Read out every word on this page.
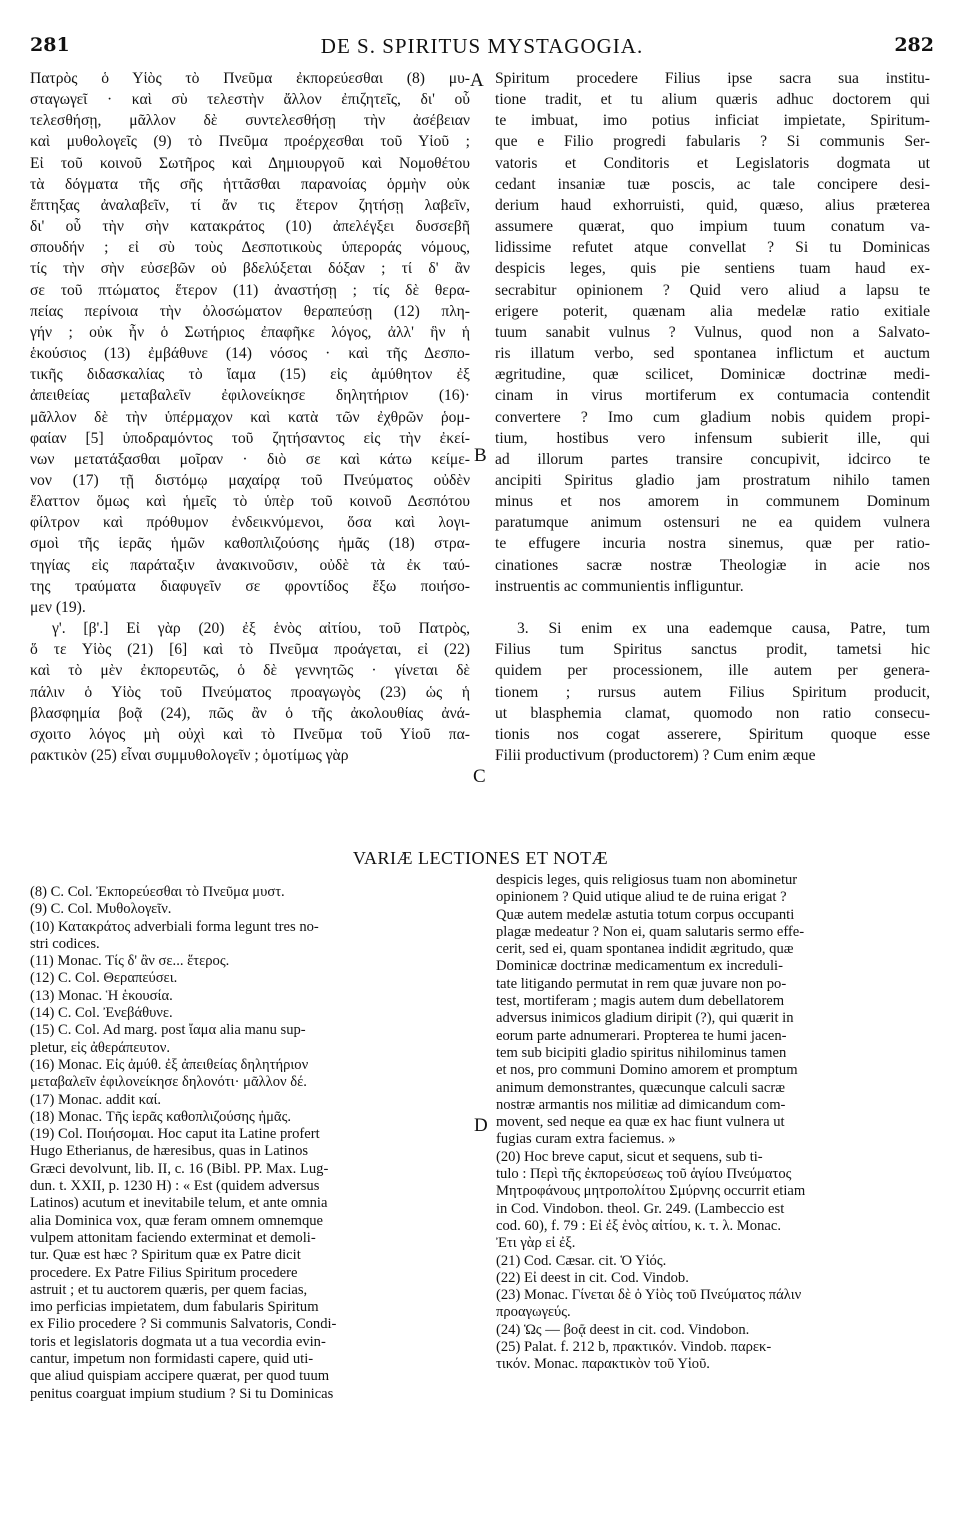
281	DE S. SPIRITUS MYSTAGOGIA.	282
A
B
C
D
Πατρὸς ὁ Υἱὸς τὸ Πνεῦμα ἐκπορεύεσθαι (8) μυ-
σταγωγεῖ · καὶ σὺ τελεστὴν ἄλλον ἐπιζητεῖς, δι' οὗ
τελεσθήσῃ, μᾶλλον δὲ συντελεσθήσῃ τὴν ἀσέβειαν
καὶ μυθολογεῖς (9) τὸ Πνεῦμα προέρχεσθαι τοῦ Υἱοῦ ;
Εἰ τοῦ κοινοῦ Σωτῆρος καὶ Δημιουργοῦ καὶ Νομοθέτου
τὰ δόγματα τῆς σῆς ἡττᾶσθαι παρανοίας ὁρμὴν οὐκ
ἔπτηξας ἀναλαβεῖν, τί ἄν τις ἕτερον ζητήσῃ λαβεῖν,
δι' οὗ τὴν σὴν κατακράτος (10) ἀπελέγξει δυσσεβῆ
σπουδήν ; εἰ σὺ τοὺς Δεσποτικοὺς ὑπεροράς νόμους,
τίς τὴν σὴν εὐσεβῶν οὐ βδελύξεται δόξαν ; τί δ' ἂν
σε τοῦ πτώματος ἕτερον (11) ἀναστήσῃ ; τίς δὲ θερα-
πείας περίνοια τὴν ὀλοσώματον θεραπεύσῃ (12) πλη-
γήν ; οὐκ ἦν ὁ Σωτήριος ἐπαφῆκε λόγος, ἀλλ' ἣν ἡ
ἑκούσιος (13) ἐμβάθυνε (14) νόσος · καὶ τῆς Δεσπο-
τικῆς διδασκαλίας τὸ ἴαμα (15) εἰς ἀμύθητον ἐξ
ἀπειθείας μεταβαλεῖν ἐφιλονείκησε δηλητήριον (16)·
μᾶλλον δὲ τὴν ὑπέρμαχον καὶ κατὰ τῶν ἐχθρῶν ῥομ-
φαίαν [5] ὑποδραμόντος τοῦ ζητήσαντος εἰς τὴν ἐκεί-
νων μετατάξασθαι μοῖραν · διὸ σε καὶ κάτω κείμε-
νον (17) τῇ διστόμῳ μαχαίρᾳ τοῦ Πνεύματος οὐδὲν
ἔλαττον ὅμως καὶ ἡμεῖς τὸ ὑπὲρ τοῦ κοινοῦ Δεσπότου
φίλτρον καὶ πρόθυμον ἐνδεικνύμενοι, ὅσα καὶ λογι-
σμοὶ τῆς ἱερᾶς ἡμῶν καθοπλιζούσης ἡμᾶς (18) στρα-
τηγίας εἰς παράταξιν ἀνακινοῦσιν, οὐδὲ τὰ ἐκ ταύ-
της τραύματα διαφυγεῖν σε φροντίδος ἔξω ποιήσο-
μεν (19).
γ'. [β'.] Εἰ γὰρ (20) ἐξ ἑνὸς αἰτίου, τοῦ Πατρὸς,
ὅ τε Υἱὸς (21) [6] καὶ τὸ Πνεῦμα προάγεται, εἰ (22)
καὶ τὸ μὲν ἐκπορευτῶς, ὁ δὲ γεννητῶς · γίνεται δὲ
πάλιν ὁ Υἱὸς τοῦ Πνεύματος προαγωγὸς (23) ὡς ἡ
βλασφημία βοᾷ (24), πῶς ἂν ὁ τῆς ἀκολουθίας ἀνά-
σχοιτο λόγος μὴ οὐχὶ καὶ τὸ Πνεῦμα τοῦ Υἱοῦ πα-
ρακτικὸν (25) εἶναι συμμυθολογεῖν ; ὁμοτίμως γὰρ
Spiritum procedere Filius ipse sacra sua institu-
tione tradit, et tu alium quæris adhuc doctorem qui
te imbuat, imo potius inficiat impietate, Spiritum-
que e Filio progredi fabularis ? Si communis Ser-
vatoris et Conditoris et Legislatoris dogmata ut
cedant insaniæ tuæ poscis, ac tale concipere desi-
derium haud exhorruisti, quid, quæso, alius præterea
assumere quærat, quo impium tuum conatum va-
lidissime refutet atque convellat ? Si tu Dominicas
despicis leges, quis pie sentiens tuam haud ex-
secrabitur opinionem ? Quid vero aliud a lapsu te
erigere poterit, quænam alia medelæ ratio exitiale
tuum sanabit vulnus ? Vulnus, quod non a Salvato-
ris illatum verbo, sed spontanea inflictum et auctum
ægritudine, quæ scilicet, Dominicæ doctrinæ medi-
cinam in virus mortiferum ex contumacia contendit
convertere ? Imo cum gladium nobis quidem propi-
tium, hostibus vero infensum subierit ille, qui
ad illorum partes transire concupivit, idcirco te
ancipiti Spiritus gladio jam prostratum nihilo tamen
minus et nos amorem in communem Dominum
paratumque animum ostensuri ne ea quidem vulnera
te effugere incuria nostra sinemus, quæ per ratio-
cinationes sacræ nostræ Theologiæ in acie nos
instruentis ac communientis infliguntur.

3. Si enim ex una eademque causa, Patre, tum
Filius tum Spiritus sanctus prodit, tametsi hic
quidem per processionem, ille autem per genera-
tionem ; rursus autem Filius Spiritum producit,
ut blasphemia clamat, quomodo non ratio consecu-
tionis nos cogat asserere, Spiritum quoque esse
Filii productivum (productorem) ? Cum enim æque
VARIÆ LECTIONES ET NOTÆ
(8) C. Col. Ἐκπορεύεσθαι τὸ Πνεῦμα μυστ.
(9) C. Col. Μυθολογεῖν.
(10) Κατακράτος adverbiali forma legunt tres no-
stri codices.
(11) Monac. Τίς δ' ἂν σε... ἕτερος.
(12) C. Col. Θεραπεύσει.
(13) Monac. Ἡ ἑκουσία.
(14) C. Col. Ἐνεβάθυνε.
(15) C. Col. Ad marg. post ἴαμα alia manu sup-
pletur, εἰς ἀθεράπευτον.
(16) Monac. Εἰς ἀμύθ. ἐξ ἀπειθείας δηλητήριον
μεταβαλεῖν ἐφιλονείκησε δηλονότι· μᾶλλον δέ.
(17) Monac. addit καί.
(18) Monac. Τῆς ἱερᾶς καθοπλιζούσης ἡμᾶς.
(19) Col. Ποιήσομαι. Hoc caput ita Latine profert
Hugo Etherianus, de hæresibus, quas in Latinos
Græci devolvunt, lib. II, c. 16 (Bibl. PP. Max. Lug-
dun. t. XXII, p. 1230 H) : « Est (quidem adversus
Latinos) acutum et inevitabile telum, et ante omnia
alia Dominica vox, quæ feram omnem omnemque
vulpem attonitam faciendo exterminat et demoli-
tur. Quæ est hæc ? Spiritum quæ ex Patre dicit
procedere. Ex Patre Filius Spiritum procedere
astruit ; et tu auctorem quæris, per quem facias,
imo perficias impietatem, dum fabularis Spiritum
ex Filio procedere ? Si communis Salvatoris, Condi-
toris et legislatoris dogmata ut a tua vecordia evin-
cantur, impetum non formidasti capere, quid uti-
que aliud quispiam accipere quærat, per quod tuum
penitus coarguat impium studium ? Si tu Dominicas
despicis leges, quis religiosus tuam non abominetur
opinionem ? Quid utique aliud te de ruina erigat ?
Quæ autem medelæ astutia totum corpus occupanti
plagæ medeatur ? Non ei, quam salutaris sermo effe-
cerit, sed ei, quam spontanea indidit ægritudo, quæ
Dominicæ doctrinæ medicamentum ex increduli-
tate litigando permutat in rem quæ juvare non po-
test, mortiferam ; magis autem dum debellatorem
adversus inimicos gladium diripit (?), qui quærit in
eorum parte adnumerari. Propterea te humi jacen-
tem sub bicipiti gladio spiritus nihilominus tamen
et nos, pro communi Domino amorem et promptum
animum demonstrantes, quæcunque calculi sacræ
nostræ armantis nos militiæ ad dimicandum com-
movent, sed neque ea quæ ex hac fiunt vulnera ut
fugias curam extra faciemus. »
(20) Hoc breve caput, sicut et sequens, sub ti-
tulo : Περὶ τῆς ἐκπορεύσεως τοῦ ἁγίου Πνεύματος
Μητροφάνους μητροπολίτου Σμύρνης occurrit etiam
in Cod. Vindobon. theol. Gr. 249. (Lambeccio est
cod. 60), f. 79 : Εἰ ἐξ ἑνὸς αἰτίου, κ. τ. λ. Monac.
Ἐτι γὰρ εἰ ἐξ.
(21) Cod. Cæsar. cit. Ὁ Υἱός.
(22) Εἰ deest in cit. Cod. Vindob.
(23) Monac. Γίνεται δὲ ὁ Υἱὸς τοῦ Πνεύματος πάλιν
προαγωγεύς.
(24) Ὡς — βοᾷ deest in cit. cod. Vindobon.
(25) Palat. f. 212 b, πρακτικόν. Vindob. παρεκ-
τικόν. Monac. παρακτικὸν τοῦ Υἱοῦ.
